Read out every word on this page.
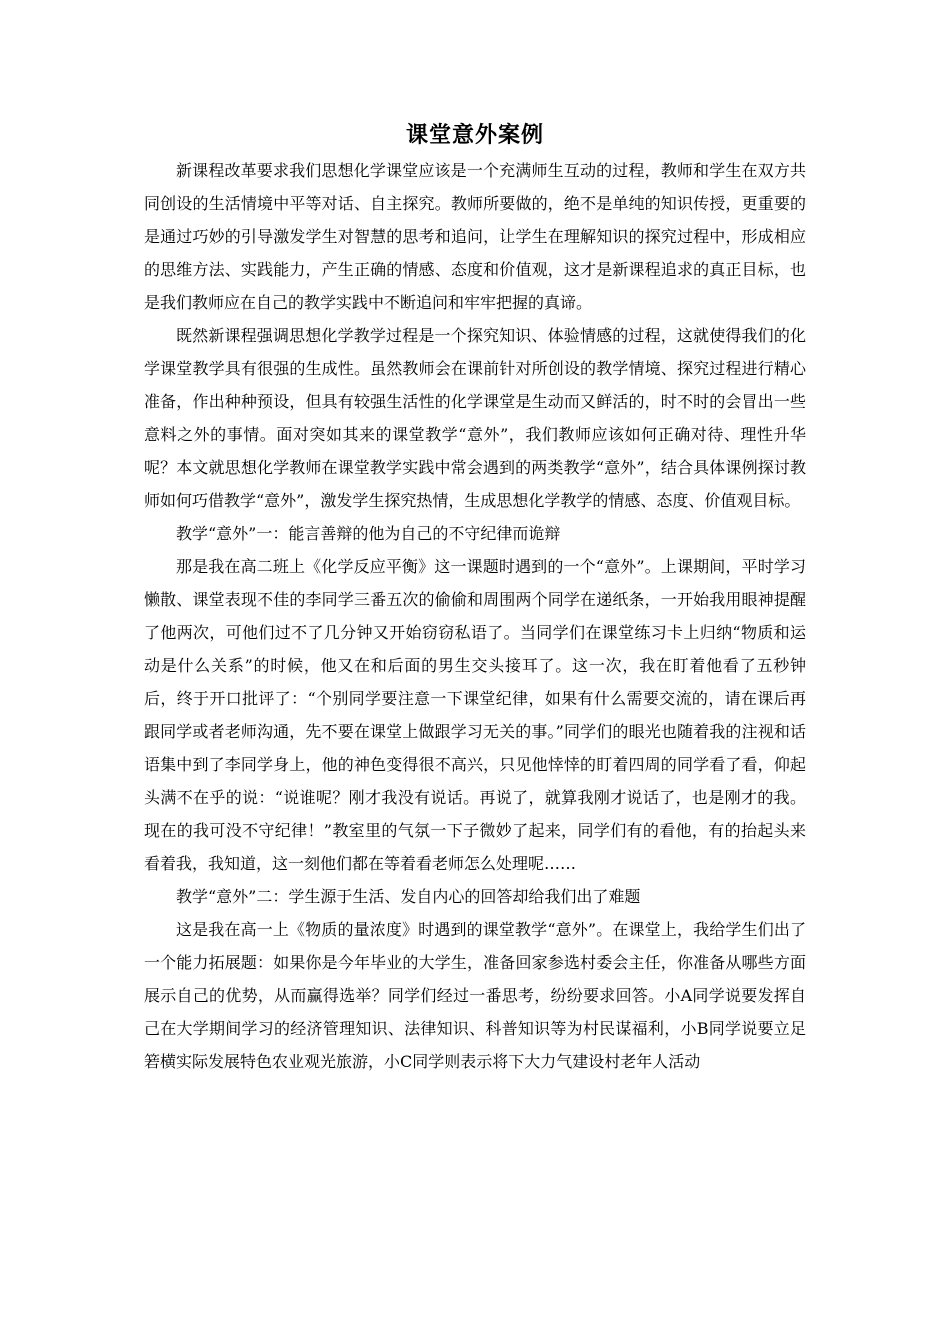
课堂意外案例

新课程改革要求我们思想化学课堂应该是一个充满师生互动的过程，教师和学生在双方共同创设的生活情境中平等对话、自主探究。教师所要做的，绝不是单纯的知识传授，更重要的是通过巧妙的引导激发学生对智慧的思考和追问，让学生在理解知识的探究过程中，形成相应的思维方法、实践能力，产生正确的情感、态度和价值观，这才是新课程追求的真正目标，也是我们教师应在自己的教学实践中不断追问和牢牢把握的真谛。

既然新课程强调思想化学教学过程是一个探究知识、体验情感的过程，这就使得我们的化学课堂教学具有很强的生成性。虽然教师会在课前针对所创设的教学情境、探究过程进行精心准备，作出种种预设，但具有较强生活性的化学课堂是生动而又鲜活的，时不时的会冒出一些意料之外的事情。面对突如其来的课堂教学“意外”，我们教师应该如何正确对待、理性升华呢？本文就思想化学教师在课堂教学实践中常会遇到的两类教学“意外”，结合具体课例探讨教师如何巧借教学“意外”，激发学生探究热情，生成思想化学教学的情感、态度、价值观目标。

教学“意外”一：能言善辩的他为自己的不守纪律而诡辩

那是我在高二班上《化学反应平衡》这一课题时遇到的一个“意外”。上课期间，平时学习懒散、课堂表现不佳的李同学三番五次的偷偷和周围两个同学在递纸条，一开始我用眼神提醒了他两次，可他们过不了几分钟又开始窃窃私语了。当同学们在课堂练习卡上归纳“物质和运动是什么关系”的时候，他又在和后面的男生交头接耳了。这一次，我在盯着他看了五秒钟后，终于开口批评了：“个别同学要注意一下课堂纪律，如果有什么需要交流的，请在课后再跟同学或者老师沟通，先不要在课堂上做跟学习无关的事。”同学们的眼光也随着我的注视和话语集中到了李同学身上，他的神色变得很不高兴，只见他悻悻的盯着四周的同学看了看，仰起头满不在乎的说：“说谁呢？刚才我没有说话。再说了，就算我刚才说话了，也是刚才的我。现在的我可没不守纪律！”教室里的气氛一下子微妙了起来，同学们有的看他，有的抬起头来看着我，我知道，这一刻他们都在等着看老师怎么处理呢……

教学“意外”二：学生源于生活、发自内心的回答却给我们出了难题

这是我在高一上《物质的量浓度》时遇到的课堂教学“意外”。在课堂上，我给学生们出了一个能力拓展题：如果你是今年毕业的大学生，准备回家参选村委会主任，你准备从哪些方面展示自己的优势，从而赢得选举？同学们经过一番思考，纷纷要求回答。小A同学说要发挥自己在大学期间学习的经济管理知识、法律知识、科普知识等为村民谋福利，小B同学说要立足箬横实际发展特色农业观光旅游，小C同学则表示将下大力气建设村老年人活动
